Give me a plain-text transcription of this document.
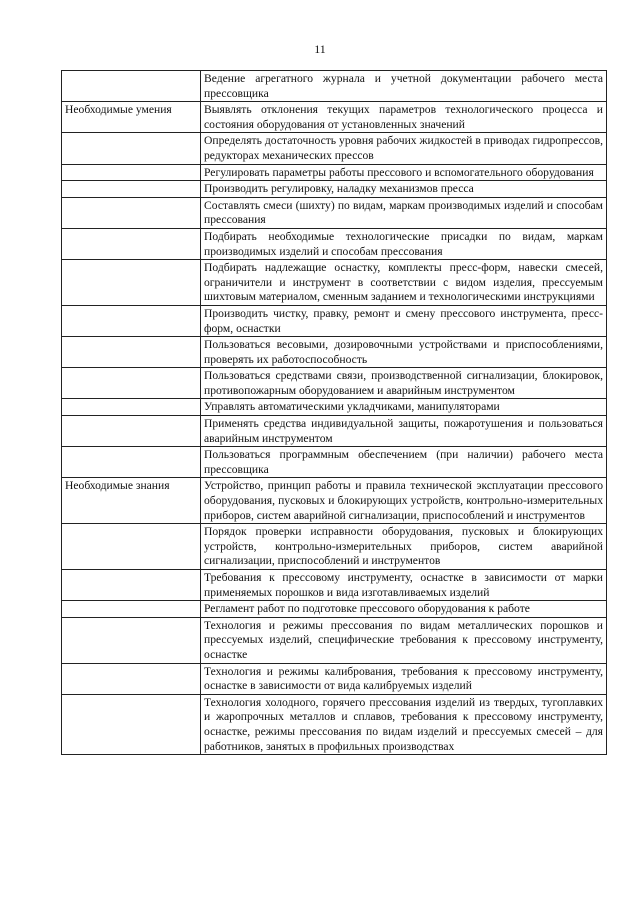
11
	Ведение агрегатного журнала и учетной документации рабочего места прессовщика
Необходимые умения	Выявлять отклонения текущих параметров технологического процесса и состояния оборудования от установленных значений
	Определять достаточность уровня рабочих жидкостей в приводах гидропрессов, редукторах механических прессов
	Регулировать параметры работы прессового и вспомогательного оборудования
	Производить регулировку, наладку механизмов пресса
	Составлять смеси (шихту) по видам, маркам производимых изделий и способам прессования
	Подбирать необходимые технологические присадки по видам, маркам производимых изделий и способам прессования
	Подбирать надлежащие оснастку, комплекты пресс-форм, навески смесей, ограничители и инструмент в соответствии с видом изделия, прессуемым шихтовым материалом, сменным заданием и технологическими инструкциями
	Производить чистку, правку, ремонт и смену прессового инструмента, пресс-форм, оснастки
	Пользоваться весовыми, дозировочными устройствами и приспособлениями, проверять их работоспособность
	Пользоваться средствами связи, производственной сигнализации, блокировок, противопожарным оборудованием и аварийным инструментом
	Управлять автоматическими укладчиками, манипуляторами
	Применять средства индивидуальной защиты, пожаротушения и пользоваться аварийным инструментом
	Пользоваться программным обеспечением (при наличии) рабочего места прессовщика
Необходимые знания	Устройство, принцип работы и правила технической эксплуатации прессового оборудования, пусковых и блокирующих устройств, контрольно-измерительных приборов, систем аварийной сигнализации, приспособлений и инструментов
	Порядок проверки исправности оборудования, пусковых и блокирующих устройств, контрольно-измерительных приборов, систем аварийной сигнализации, приспособлений и инструментов
	Требования к прессовому инструменту, оснастке в зависимости от марки применяемых порошков и вида изготавливаемых изделий
	Регламент работ по подготовке прессового оборудования к работе
	Технология и режимы прессования по видам металлических порошков и прессуемых изделий, специфические требования к прессовому инструменту, оснастке
	Технология и режимы калибрования, требования к прессовому инструменту, оснастке в зависимости от вида калибруемых изделий
	Технология холодного, горячего прессования изделий из твердых, тугоплавких и жаропрочных металлов и сплавов, требования к прессовому инструменту, оснастке, режимы прессования по видам изделий и прессуемых смесей – для работников, занятых в профильных производствах
